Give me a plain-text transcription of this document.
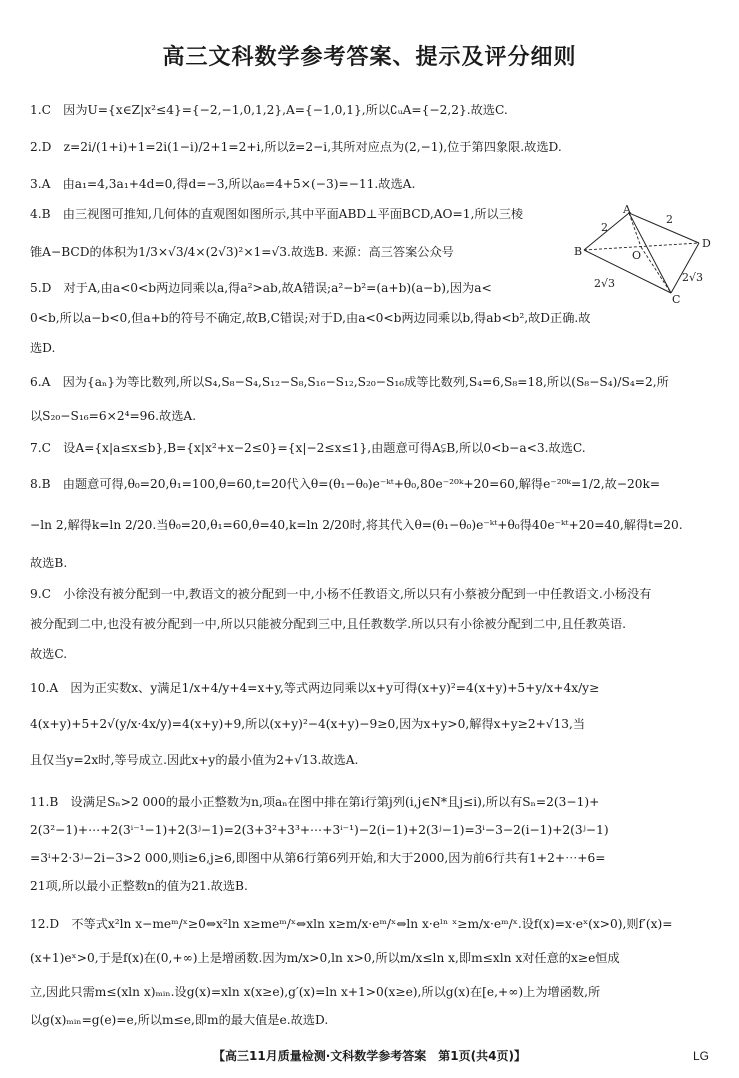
高三文科数学参考答案、提示及评分细则
1.C　因为U={x∈Z|x²≤4}={−2,−1,0,1,2},A={−1,0,1},所以∁ᵤA={−2,2}.故选C.
2.D　z=2i/(1+i)+1=2i(1−i)/2+1=2+i,所以z̄=2−i,其所对应点为(2,−1),位于第四象限.故选D.
3.A　由a₁=4,3a₁+4d=0,得d=−3,所以a₆=4+5×(−3)=−11.故选A.
4.B　由三视图可推知,几何体的直观图如图所示,其中平面ABD⊥平面BCD,AO=1,所以三棱
锥A−BCD的体积为1/3×√3/4×(2√3)²×1=√3.故选B. 来源：高三答案公众号
5.D　对于A,由a<0<b两边同乘以a,得a²>ab,故A错误;a²−b²=(a+b)(a−b),因为a<
0<b,所以a−b<0,但a+b的符号不确定,故B,C错误;对于D,由a<0<b两边同乘以b,得ab<b²,故D正确.故
选D.
6.A　因为{aₙ}为等比数列,所以S₄,S₈−S₄,S₁₂−S₈,S₁₆−S₁₂,S₂₀−S₁₆成等比数列,S₄=6,S₈=18,所以(S₈−S₄)/S₄=2,所
以S₂₀−S₁₆=6×2⁴=96.故选A.
7.C　设A={x|a≤x≤b},B={x|x²+x−2≤0}={x|−2≤x≤1},由题意可得A⫋B,所以0<b−a<3.故选C.
8.B　由题意可得,θ₀=20,θ₁=100,θ=60,t=20代入θ=(θ₁−θ₀)e⁻ᵏᵗ+θ₀,80e⁻²⁰ᵏ+20=60,解得e⁻²⁰ᵏ=1/2,故−20k=
−ln 2,解得k=ln 2/20.当θ₀=20,θ₁=60,θ=40,k=ln 2/20时,将其代入θ=(θ₁−θ₀)e⁻ᵏᵗ+θ₀得40e⁻ᵏᵗ+20=40,解得t=20.
故选B.
9.C　小徐没有被分配到一中,教语文的被分配到一中,小杨不任教语文,所以只有小蔡被分配到一中任教语文.小杨没有
被分配到二中,也没有被分配到一中,所以只能被分配到三中,且任教数学.所以只有小徐被分配到二中,且任教英语.
故选C.
10.A　因为正实数x、y满足1/x+4/y+4=x+y,等式两边同乘以x+y可得(x+y)²=4(x+y)+5+y/x+4x/y≥
4(x+y)+5+2√(y/x·4x/y)=4(x+y)+9,所以(x+y)²−4(x+y)−9≥0,因为x+y>0,解得x+y≥2+√13,当
且仅当y=2x时,等号成立.因此x+y的最小值为2+√13.故选A.
11.B　设满足Sₙ>2 000的最小正整数为n,项aₙ在图中排在第i行第j列(i,j∈N*且j≤i),所以有Sₙ=2(3−1)+
2(3²−1)+⋯+2(3ⁱ⁻¹−1)+2(3ʲ−1)=2(3+3²+3³+⋯+3ⁱ⁻¹)−2(i−1)+2(3ʲ−1)=3ⁱ−3−2(i−1)+2(3ʲ−1)
=3ⁱ+2·3ʲ−2i−3>2 000,则i≥6,j≥6,即图中从第6行第6列开始,和大于2000,因为前6行共有1+2+⋯+6=
21项,所以最小正整数n的值为21.故选B.
12.D　不等式x²ln x−meᵐ/ˣ≥0⇔x²ln x≥meᵐ/ˣ⇔xln x≥m/x·eᵐ/ˣ⇔ln x·eˡⁿ ˣ≥m/x·eᵐ/ˣ.设f(x)=x·eˣ(x>0),则f′(x)=
(x+1)eˣ>0,于是f(x)在(0,+∞)上是增函数.因为m/x>0,ln x>0,所以m/x≤ln x,即m≤xln x对任意的x≥e恒成
立,因此只需m≤(xln x)ₘᵢₙ.设g(x)=xln x(x≥e),g′(x)=ln x+1>0(x≥e),所以g(x)在[e,+∞)上为增函数,所
以g(x)ₘᵢₙ=g(e)=e,所以m≤e,即m的最大值是e.故选D.
A
B
D
C
O
2
2
2√3	2√3
【高三11月质量检测·文科数学参考答案　第1页(共4页)】	LG
